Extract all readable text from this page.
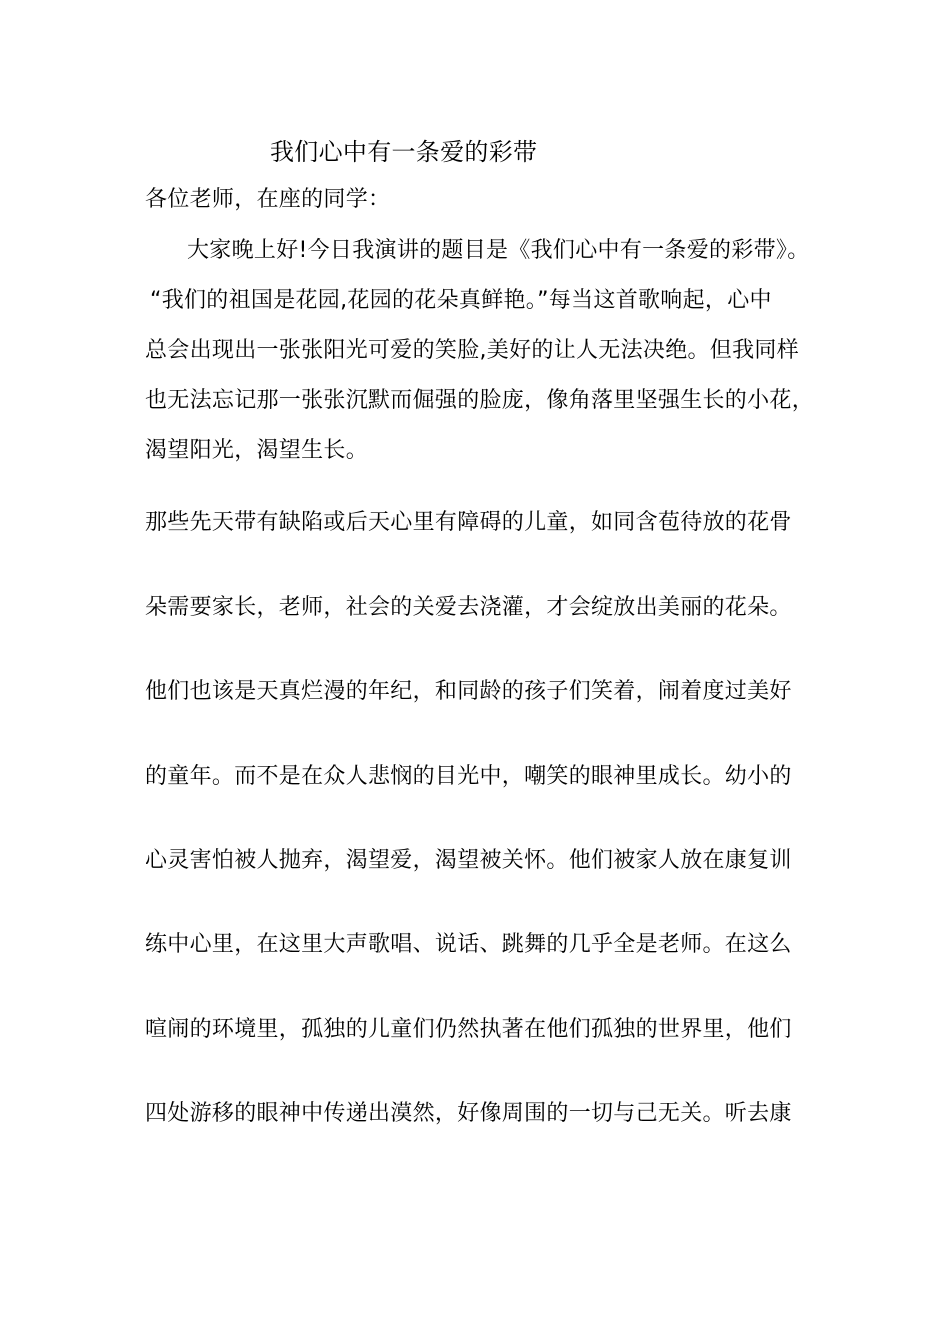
我们心中有一条爱的彩带
各位老师，在座的同学：
大家晚上好!今日我演讲的题目是《我们心中有一条爱的彩带》。
“我们的祖国是花园,花园的花朵真鲜艳。”每当这首歌响起，心中
总会出现出一张张阳光可爱的笑脸,美好的让人无法决绝。但我同样
也无法忘记那一张张沉默而倔强的脸庞，像角落里坚强生长的小花，
渴望阳光，渴望生长。
那些先天带有缺陷或后天心里有障碍的儿童，如同含苞待放的花骨
朵需要家长，老师，社会的关爱去浇灌，才会绽放出美丽的花朵。
他们也该是天真烂漫的年纪，和同龄的孩子们笑着，闹着度过美好
的童年。而不是在众人悲悯的目光中，嘲笑的眼神里成长。幼小的
心灵害怕被人抛弃，渴望爱，渴望被关怀。他们被家人放在康复训
练中心里，在这里大声歌唱、说话、跳舞的几乎全是老师。在这么
喧闹的环境里，孤独的儿童们仍然执著在他们孤独的世界里，他们
四处游移的眼神中传递出漠然，好像周围的一切与己无关。听去康
